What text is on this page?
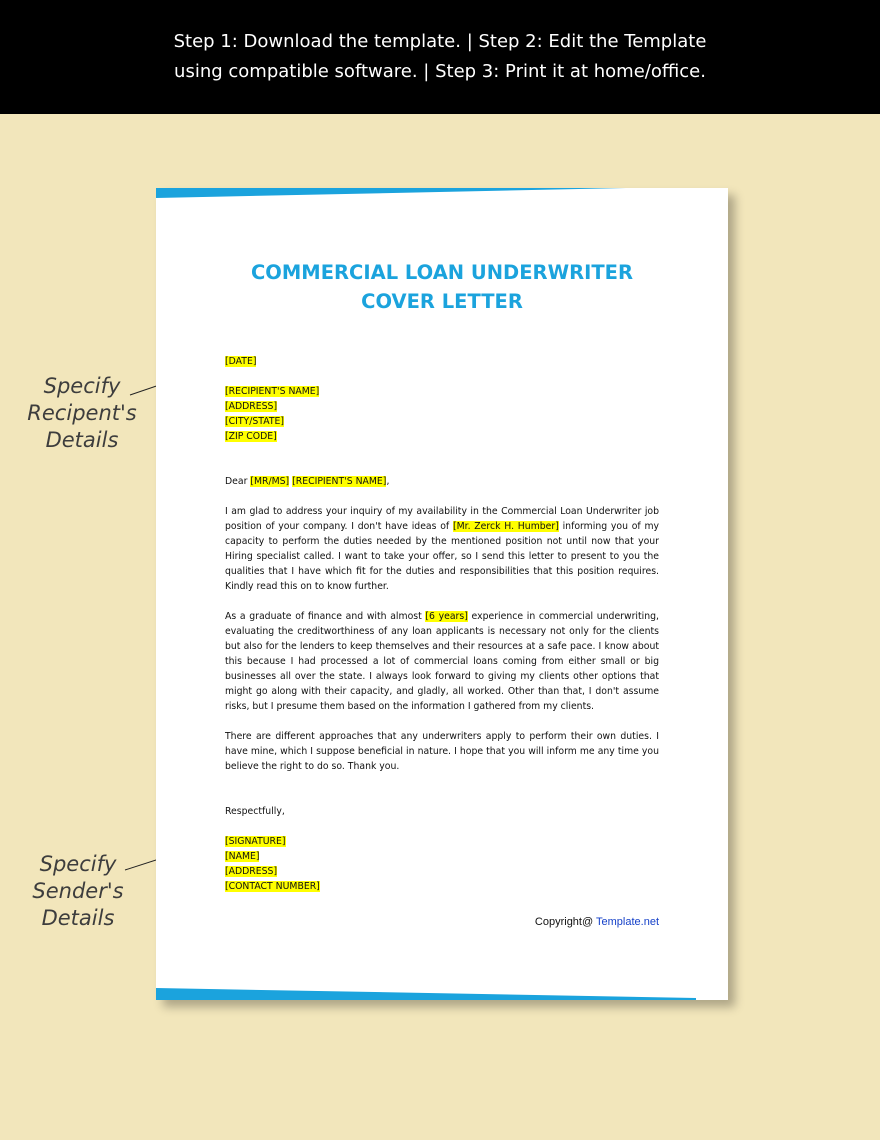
Step 1: Download the template. | Step 2: Edit the Template
using compatible software. | Step 3: Print it at home/office.
Specify
Recipent's
Details
Specify
Sender's
Details
COMMERCIAL LOAN UNDERWRITER
COVER LETTER
[DATE]
[RECIPIENT'S NAME]
[ADDRESS]
[CITY/STATE]
[ZIP CODE]
Dear [MR/MS] [RECIPIENT'S NAME],

I am glad to address your inquiry of my availability in the Commercial Loan Underwriter job position of your company. I don't have ideas of [Mr. Zerck H. Humber] informing you of my capacity to perform the duties needed by the mentioned position not until now that your Hiring specialist called. I want to take your offer, so I send this letter to present to you the qualities that I have which fit for the duties and responsibilities that this position requires. Kindly read this on to know further.

As a graduate of finance and with almost [6 years] experience in commercial underwriting, evaluating the creditworthiness of any loan applicants is necessary not only for the clients but also for the lenders to keep themselves and their resources at a safe pace. I know about this because I had processed a lot of commercial loans coming from either small or big businesses all over the state. I always look forward to giving my clients other options that might go along with their capacity, and gladly, all worked. Other than that, I don't assume risks, but I presume them based on the information I gathered from my clients.

There are different approaches that any underwriters apply to perform their own duties. I have mine, which I suppose beneficial in nature. I hope that you will inform me any time you believe the right to do so. Thank you.

Respectfully,
[SIGNATURE]
[NAME]
[ADDRESS]
[CONTACT NUMBER]
Copyright@ Template.net
